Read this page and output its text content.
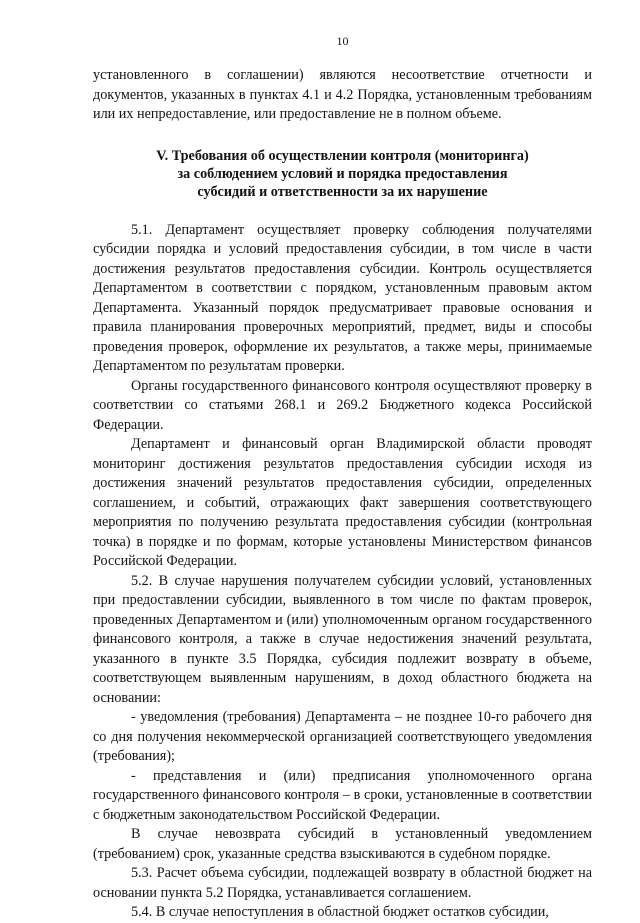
10

установленного в соглашении) являются несоответствие отчетности и документов, указанных в пунктах 4.1 и 4.2 Порядка, установленным требованиям или их непредоставление, или предоставление не в полном объеме.

V. Требования об осуществлении контроля (мониторинга)
за соблюдением условий и порядка предоставления
субсидий и ответственности за их нарушение

5.1. Департамент осуществляет проверку соблюдения получателями субсидии порядка и условий предоставления субсидии, в том числе в части достижения результатов предоставления субсидии. Контроль осуществляется Департаментом в соответствии с порядком, установленным правовым актом Департамента. Указанный порядок предусматривает правовые основания и правила планирования проверочных мероприятий, предмет, виды и способы проведения проверок, оформление их результатов, а также меры, принимаемые Департаментом по результатам проверки.

Органы государственного финансового контроля осуществляют проверку в соответствии со статьями 268.1 и 269.2 Бюджетного кодекса Российской Федерации.

Департамент и финансовый орган Владимирской области проводят мониторинг достижения результатов предоставления субсидии исходя из достижения значений результатов предоставления субсидии, определенных соглашением, и событий, отражающих факт завершения соответствующего мероприятия по получению результата предоставления субсидии (контрольная точка) в порядке и по формам, которые установлены Министерством финансов Российской Федерации.

5.2. В случае нарушения получателем субсидии условий, установленных при предоставлении субсидии, выявленного в том числе по фактам проверок, проведенных Департаментом и (или) уполномоченным органом государственного финансового контроля, а также в случае недостижения значений результата, указанного в пункте 3.5 Порядка, субсидия подлежит возврату в объеме, соответствующем выявленным нарушениям, в доход областного бюджета на основании:

- уведомления (требования) Департамента – не позднее 10-го рабочего дня со дня получения некоммерческой организацией соответствующего уведомления (требования);

- представления и (или) предписания уполномоченного органа государственного финансового контроля – в сроки, установленные в соответствии с бюджетным законодательством Российской Федерации.

В случае невозврата субсидий в установленный уведомлением (требованием) срок, указанные средства взыскиваются в судебном порядке.

5.3. Расчет объема субсидии, подлежащей возврату в областной бюджет на основании пункта 5.2 Порядка, устанавливается соглашением.

5.4. В случае непоступления в областной бюджет остатков субсидии,
